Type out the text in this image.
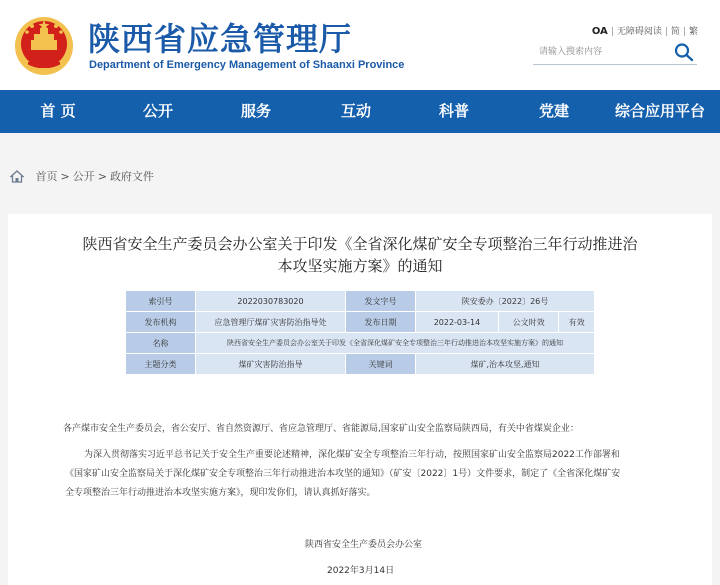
陕西省应急管理厅
Department of Emergency Management of Shaanxi Province
OA | 无障碍阅读 | 简 | 繁
请输入搜索内容
首 页	公开	服务	互动	科普	党建	综合应用平台
首页 > 公开 > 政府文件
陕西省安全生产委员会办公室关于印发《全省深化煤矿安全专项整治三年行动推进治
本攻坚实施方案》的通知
索引号	2022030783020	发文字号	陕安委办〔2022〕26号		
发布机构	应急管理厅煤矿灾害防治指导处	发布日期	2022-03-14	公文时效	有效
名称	陕西省安全生产委员会办公室关于印发《全省深化煤矿安全专项整治三年行动推进治本攻坚实施方案》的通知				
主题分类	煤矿灾害防治指导	关键词	煤矿,治本攻坚,通知		
各产煤市安全生产委员会，省公安厅、省自然资源厅、省应急管理厅、省能源局,国家矿山安全监察局陕西局，有关中省煤炭企业：
为深入贯彻落实习近平总书记关于安全生产重要论述精神，深化煤矿安全专项整治三年行动，按照国家矿山安全监察局2022工作部署和
《国家矿山安全监察局关于深化煤矿安全专项整治三年行动推进治本攻坚的通知》（矿安〔2022〕1号）文件要求，制定了《全省深化煤矿安
全专项整治三年行动推进治本攻坚实施方案》，现印发你们，请认真抓好落实。
陕西省安全生产委员会办公室
2022年3月14日
